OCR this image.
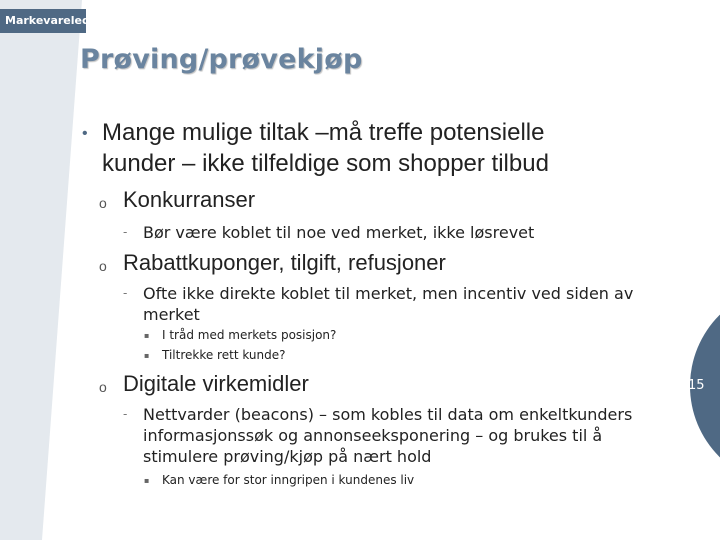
Markevareledelse
Prøving/prøvekjøp
• Mange mulige tiltak –må treffe potensielle
kunder – ikke tilfeldige som shopper tilbud
o Konkurranser
- Bør være koblet til noe ved merket, ikke løsrevet
o Rabattkuponger, tilgift, refusjoner
- Ofte ikke direkte koblet til merket, men incentiv ved siden av
merket
▪ I tråd med merkets posisjon?
▪ Tiltrekke rett kunde?
o Digitale virkemidler
- Nettvarder (beacons) – som kobles til data om enkeltkunders
informasjonssøk og annonseeksponering – og brukes til å
stimulere prøving/kjøp på nært hold
▪ Kan være for stor inngripen i kundenes liv
15
